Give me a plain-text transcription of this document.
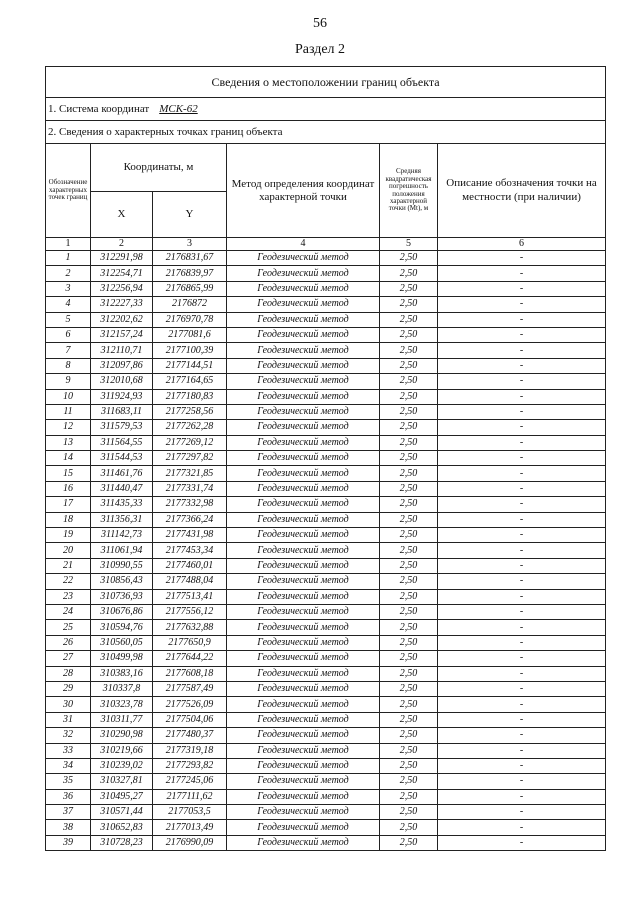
56
Раздел 2
Сведения о местоположении границ объекта					
1. Система координат МСК-62					
2. Сведения о характерных точках границ объекта					
Обозначение характерных точек границ	Координаты, м		Метод определения координат характерной точки	Средняя квадратическая погрешность положения характерной точки (Мt), м	Описание обозначения точки на местности (при наличии)
	X	Y			
1	2	3	4	5	6
1	312291,98	2176831,67	Геодезический метод	2,50	-
2	312254,71	2176839,97	Геодезический метод	2,50	-
3	312256,94	2176865,99	Геодезический метод	2,50	-
4	312227,33	2176872	Геодезический метод	2,50	-
5	312202,62	2176970,78	Геодезический метод	2,50	-
6	312157,24	2177081,6	Геодезический метод	2,50	-
7	312110,71	2177100,39	Геодезический метод	2,50	-
8	312097,86	2177144,51	Геодезический метод	2,50	-
9	312010,68	2177164,65	Геодезический метод	2,50	-
10	311924,93	2177180,83	Геодезический метод	2,50	-
11	311683,11	2177258,56	Геодезический метод	2,50	-
12	311579,53	2177262,28	Геодезический метод	2,50	-
13	311564,55	2177269,12	Геодезический метод	2,50	-
14	311544,53	2177297,82	Геодезический метод	2,50	-
15	311461,76	2177321,85	Геодезический метод	2,50	-
16	311440,47	2177331,74	Геодезический метод	2,50	-
17	311435,33	2177332,98	Геодезический метод	2,50	-
18	311356,31	2177366,24	Геодезический метод	2,50	-
19	311142,73	2177431,98	Геодезический метод	2,50	-
20	311061,94	2177453,34	Геодезический метод	2,50	-
21	310990,55	2177460,01	Геодезический метод	2,50	-
22	310856,43	2177488,04	Геодезический метод	2,50	-
23	310736,93	2177513,41	Геодезический метод	2,50	-
24	310676,86	2177556,12	Геодезический метод	2,50	-
25	310594,76	2177632,88	Геодезический метод	2,50	-
26	310560,05	2177650,9	Геодезический метод	2,50	-
27	310499,98	2177644,22	Геодезический метод	2,50	-
28	310383,16	2177608,18	Геодезический метод	2,50	-
29	310337,8	2177587,49	Геодезический метод	2,50	-
30	310323,78	2177526,09	Геодезический метод	2,50	-
31	310311,77	2177504,06	Геодезический метод	2,50	-
32	310290,98	2177480,37	Геодезический метод	2,50	-
33	310219,66	2177319,18	Геодезический метод	2,50	-
34	310239,02	2177293,82	Геодезический метод	2,50	-
35	310327,81	2177245,06	Геодезический метод	2,50	-
36	310495,27	2177111,62	Геодезический метод	2,50	-
37	310571,44	2177053,5	Геодезический метод	2,50	-
38	310652,83	2177013,49	Геодезический метод	2,50	-
39	310728,23	2176990,09	Геодезический метод	2,50	-
